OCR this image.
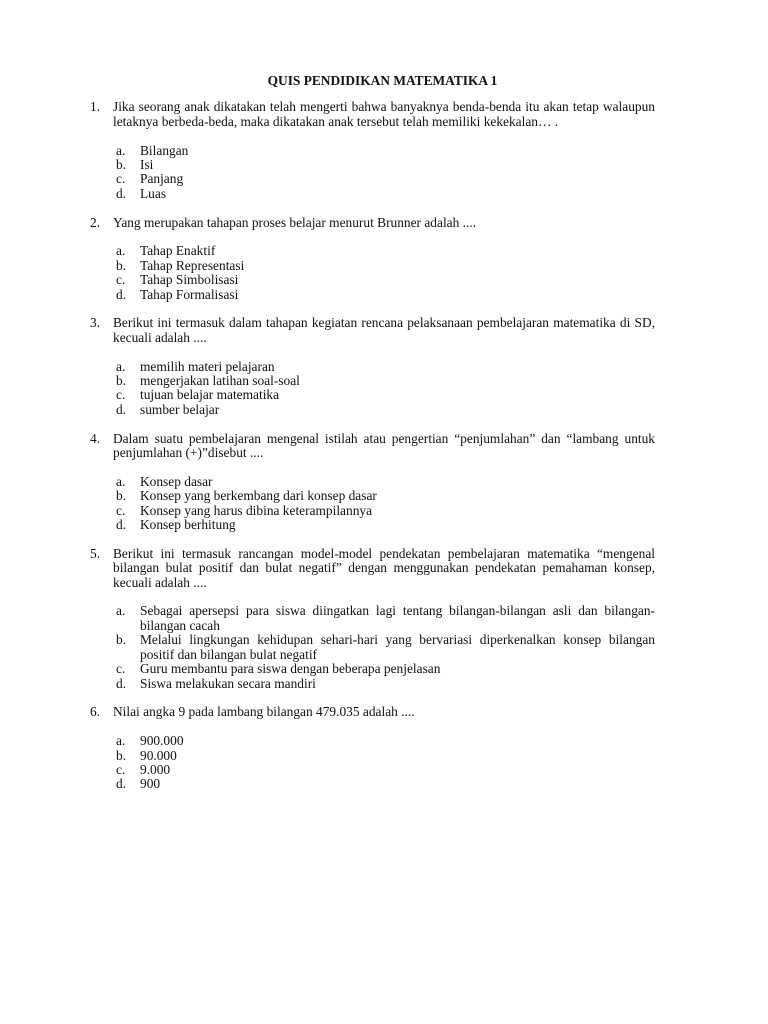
QUIS PENDIDIKAN MATEMATIKA 1
1. Jika seorang anak dikatakan telah mengerti bahwa banyaknya benda-benda itu akan tetap walaupun letaknya berbeda-beda, maka dikatakan anak tersebut telah memiliki kekekalan… .
a. Bilangan
b. Isi
c. Panjang
d. Luas
2. Yang merupakan tahapan proses belajar menurut Brunner adalah ....
a. Tahap Enaktif
b. Tahap Representasi
c. Tahap Simbolisasi
d. Tahap Formalisasi
3. Berikut ini termasuk dalam tahapan kegiatan rencana pelaksanaan pembelajaran matematika di SD, kecuali adalah ....
a. memilih materi pelajaran
b. mengerjakan latihan soal-soal
c. tujuan belajar matematika
d. sumber belajar
4. Dalam suatu pembelajaran mengenal istilah atau pengertian “penjumlahan” dan “lambang untuk penjumlahan (+)”disebut ....
a. Konsep dasar
b. Konsep yang berkembang dari konsep dasar
c. Konsep yang harus dibina keterampilannya
d. Konsep berhitung
5. Berikut ini termasuk rancangan model-model pendekatan pembelajaran matematika “mengenal bilangan bulat positif dan bulat negatif” dengan menggunakan pendekatan pemahaman konsep, kecuali adalah ....
a. Sebagai apersepsi para siswa diingatkan lagi tentang bilangan-bilangan asli dan bilangan-bilangan cacah
b. Melalui lingkungan kehidupan sehari-hari yang bervariasi diperkenalkan konsep bilangan positif dan bilangan bulat negatif
c. Guru membantu para siswa dengan beberapa penjelasan
d. Siswa melakukan secara mandiri
6. Nilai angka 9 pada lambang bilangan 479.035 adalah ....
a. 900.000
b. 90.000
c. 9.000
d. 900
